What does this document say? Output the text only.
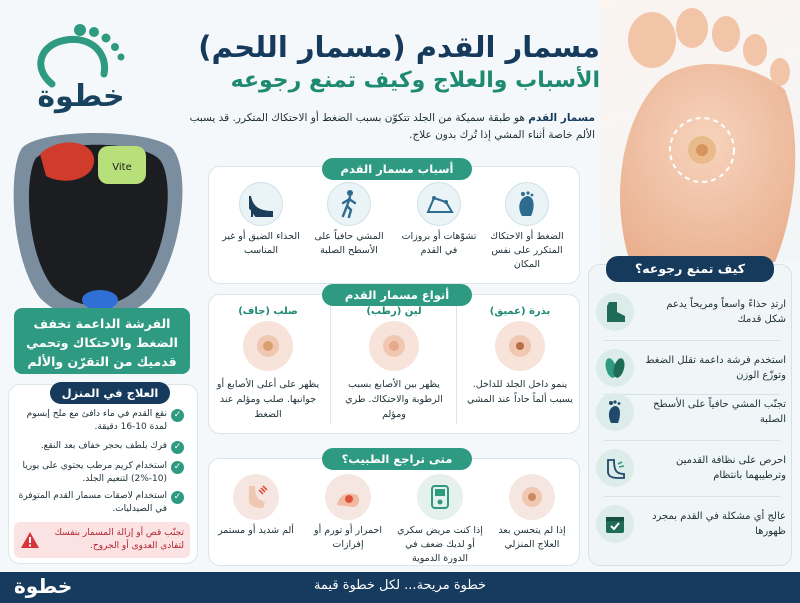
خطوة
مسمار القدم (مسمار اللحم)
الأسباب والعلاج وكيف تمنع رجوعه
مسمار القدم هو طبقة سميكة من الجلد تتكوّن بسبب الضغط أو الاحتكاك المتكرر. قد يسبب الألم خاصة أثناء المشي إذا تُرك بدون علاج.
Vite
الفرشة الداعمة تخفف الضغط والاحتكاك وتحمي قدميك من التقرّن والألم
أسباب مسمار القدم
الضغط أو الاحتكاك المتكرر على نفس المكان
تشوّهات أو بروزات في القدم
المشي حافياً على الأسطح الصلبة
الحذاء الضيق أو غير المناسب
أنواع مسمار القدم
بذرة (عميق)
ينمو داخل الجلد للداخل. يسبب ألماً حاداً عند المشي
لين (رطب)
يظهر بين الأصابع بسبب الرطوبة والاحتكاك. طري ومؤلم
صلب (جاف)
يظهر على أعلى الأصابع أو جوانبها. صلب ومؤلم عند الضغط
متى تراجع الطبيب؟
إذا لم يتحسن بعد العلاج المنزلي
إذا كنت مريض سكري أو لديك ضعف في الدورة الدموية
احمرار أو تورم أو إفرازات
ألم شديد أو مستمر
العلاج في المنزل
✓
نقع القدم في ماء دافئ مع ملح إبسوم لمدة 10-16 دقيقة.
✓
فرك بلطف بحجر خفاف بعد النقع.
✓
استخدام كريم مرطب يحتوي على يوريا (10-%2) لتنعيم الجلد.
✓
استخدام لاصقات مسمار القدم المتوفرة في الصيدليات.
تجنّب قص أو إزالة المسمار بنفسك لتفادي العدوى أو الجروح.
كيف تمنع رجوعه؟
ارتدِ حذاءً واسعاً ومريحاً يدعم شكل قدمك
استخدم فرشة داعمة تقلل الضغط وتوزّع الوزن
تجنّب المشي حافياً على الأسطح الصلبة
احرص على نظافة القدمين وترطيبهما بانتظام
عالج أي مشكلة في القدم بمجرد ظهورها
خطوة	خطوة مريحة... لكل خطوة قيمة
